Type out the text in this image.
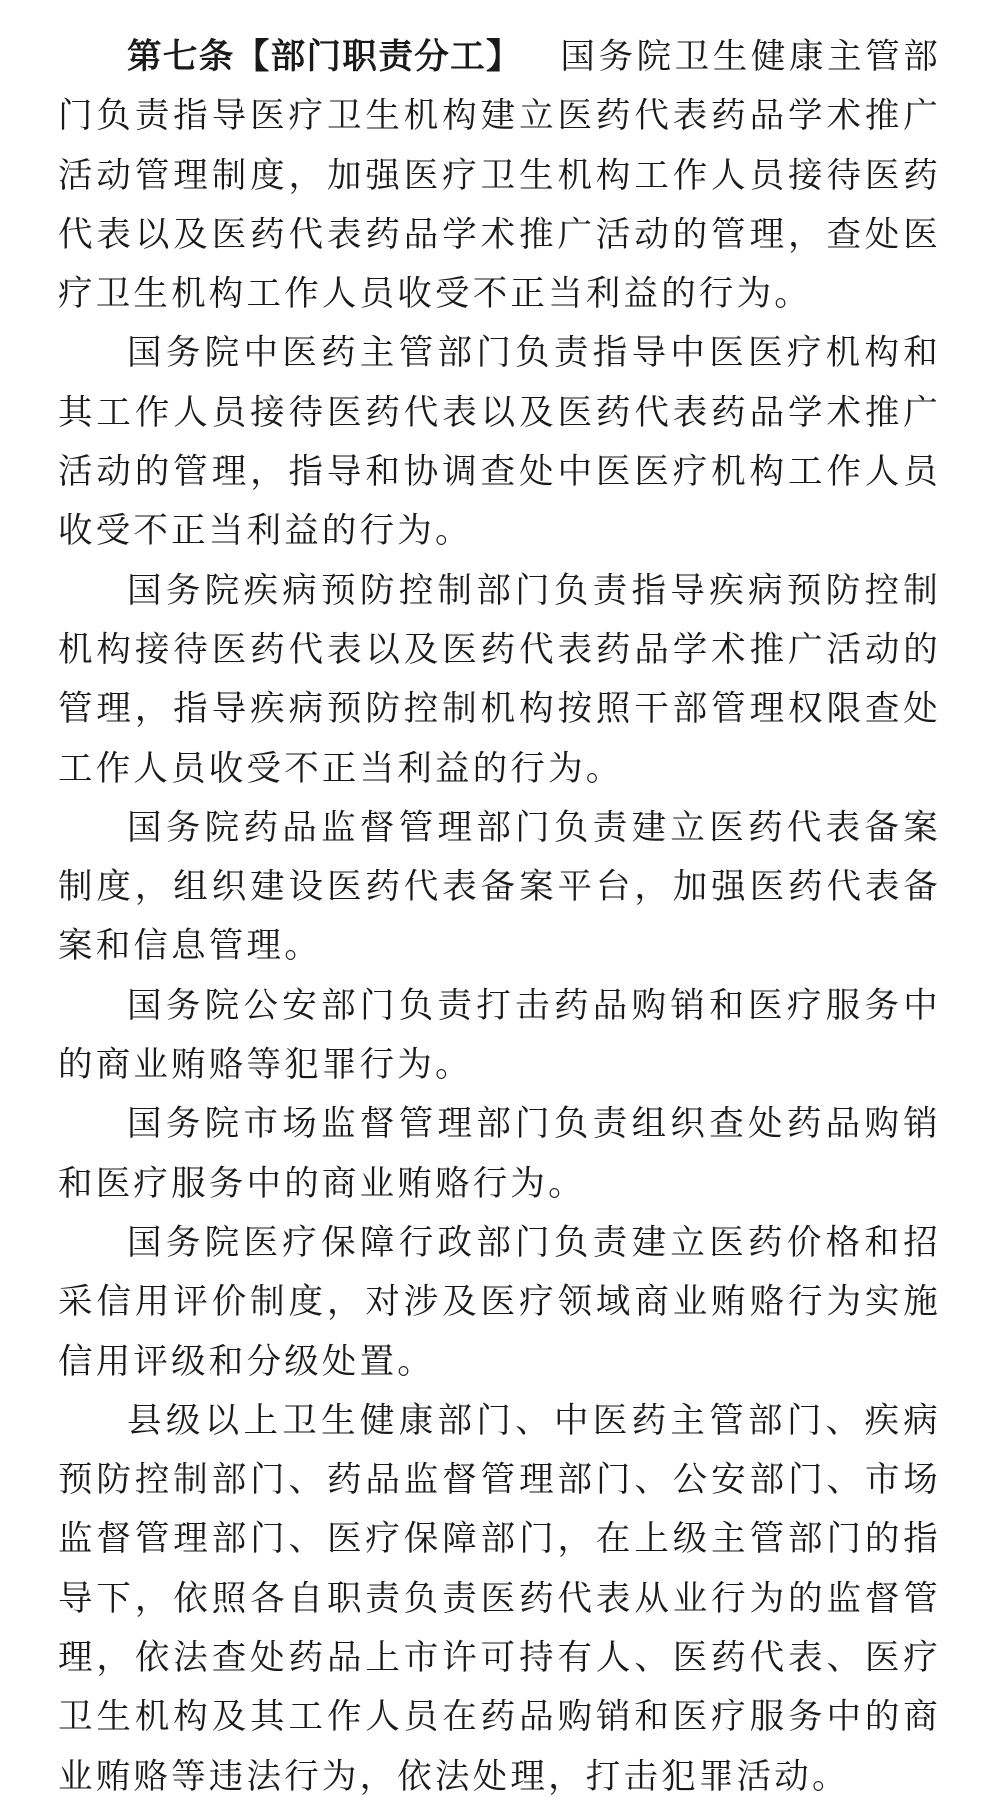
第七条【部门职责分工】 国务院卫生健康主管部门负责指导医疗卫生机构建立医药代表药品学术推广活动管理制度，加强医疗卫生机构工作人员接待医药代表以及医药代表药品学术推广活动的管理，查处医疗卫生机构工作人员收受不正当利益的行为。

国务院中医药主管部门负责指导中医医疗机构和其工作人员接待医药代表以及医药代表药品学术推广活动的管理，指导和协调查处中医医疗机构工作人员收受不正当利益的行为。

国务院疾病预防控制部门负责指导疾病预防控制机构接待医药代表以及医药代表药品学术推广活动的管理，指导疾病预防控制机构按照干部管理权限查处工作人员收受不正当利益的行为。

国务院药品监督管理部门负责建立医药代表备案制度，组织建设医药代表备案平台，加强医药代表备案和信息管理。

国务院公安部门负责打击药品购销和医疗服务中的商业贿赂等犯罪行为。

国务院市场监督管理部门负责组织查处药品购销和医疗服务中的商业贿赂行为。

国务院医疗保障行政部门负责建立医药价格和招采信用评价制度，对涉及医疗领域商业贿赂行为实施信用评级和分级处置。

县级以上卫生健康部门、中医药主管部门、疾病预防控制部门、药品监督管理部门、公安部门、市场监督管理部门、医疗保障部门，在上级主管部门的指导下，依照各自职责负责医药代表从业行为的监督管理，依法查处药品上市许可持有人、医药代表、医疗卫生机构及其工作人员在药品购销和医疗服务中的商业贿赂等违法行为，依法处理，打击犯罪活动。
